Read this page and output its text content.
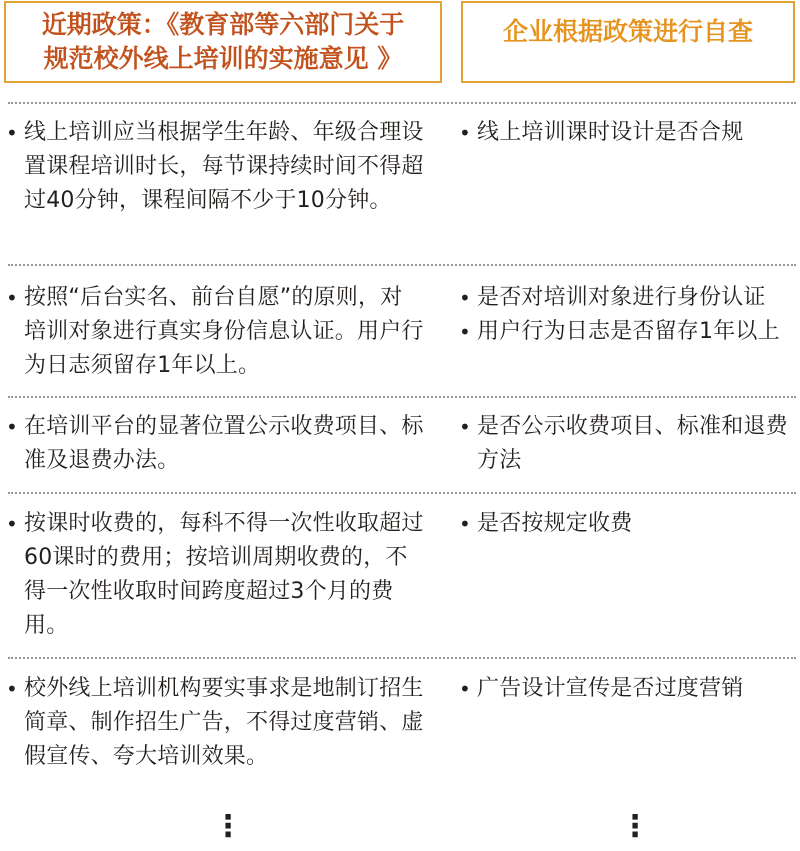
近期政策：《教育部等六部门关于
规范校外线上培训的实施意见 》
企业根据政策进行自查
• 线上培训应当根据学生年龄、年级合理设置课程培训时长，每节课持续时间不得超过40分钟，课程间隔不少于10分钟。
• 线上培训课时设计是否合规
• 按照“后台实名、前台自愿”的原则，对培训对象进行真实身份信息认证。用户行为日志须留存1年以上。
• 是否对培训对象进行身份认证
• 用户行为日志是否留存1年以上
• 在培训平台的显著位置公示收费项目、标准及退费办法。
• 是否公示收费项目、标准和退费方法
• 按课时收费的，每科不得一次性收取超过60课时的费用；按培训周期收费的，不得一次性收取时间跨度超过3个月的费用。
• 是否按规定收费
• 校外线上培训机构要实事求是地制订招生简章、制作招生广告，不得过度营销、虚假宣传、夸大培训效果。
• 广告设计宣传是否过度营销
⋮	⋮
